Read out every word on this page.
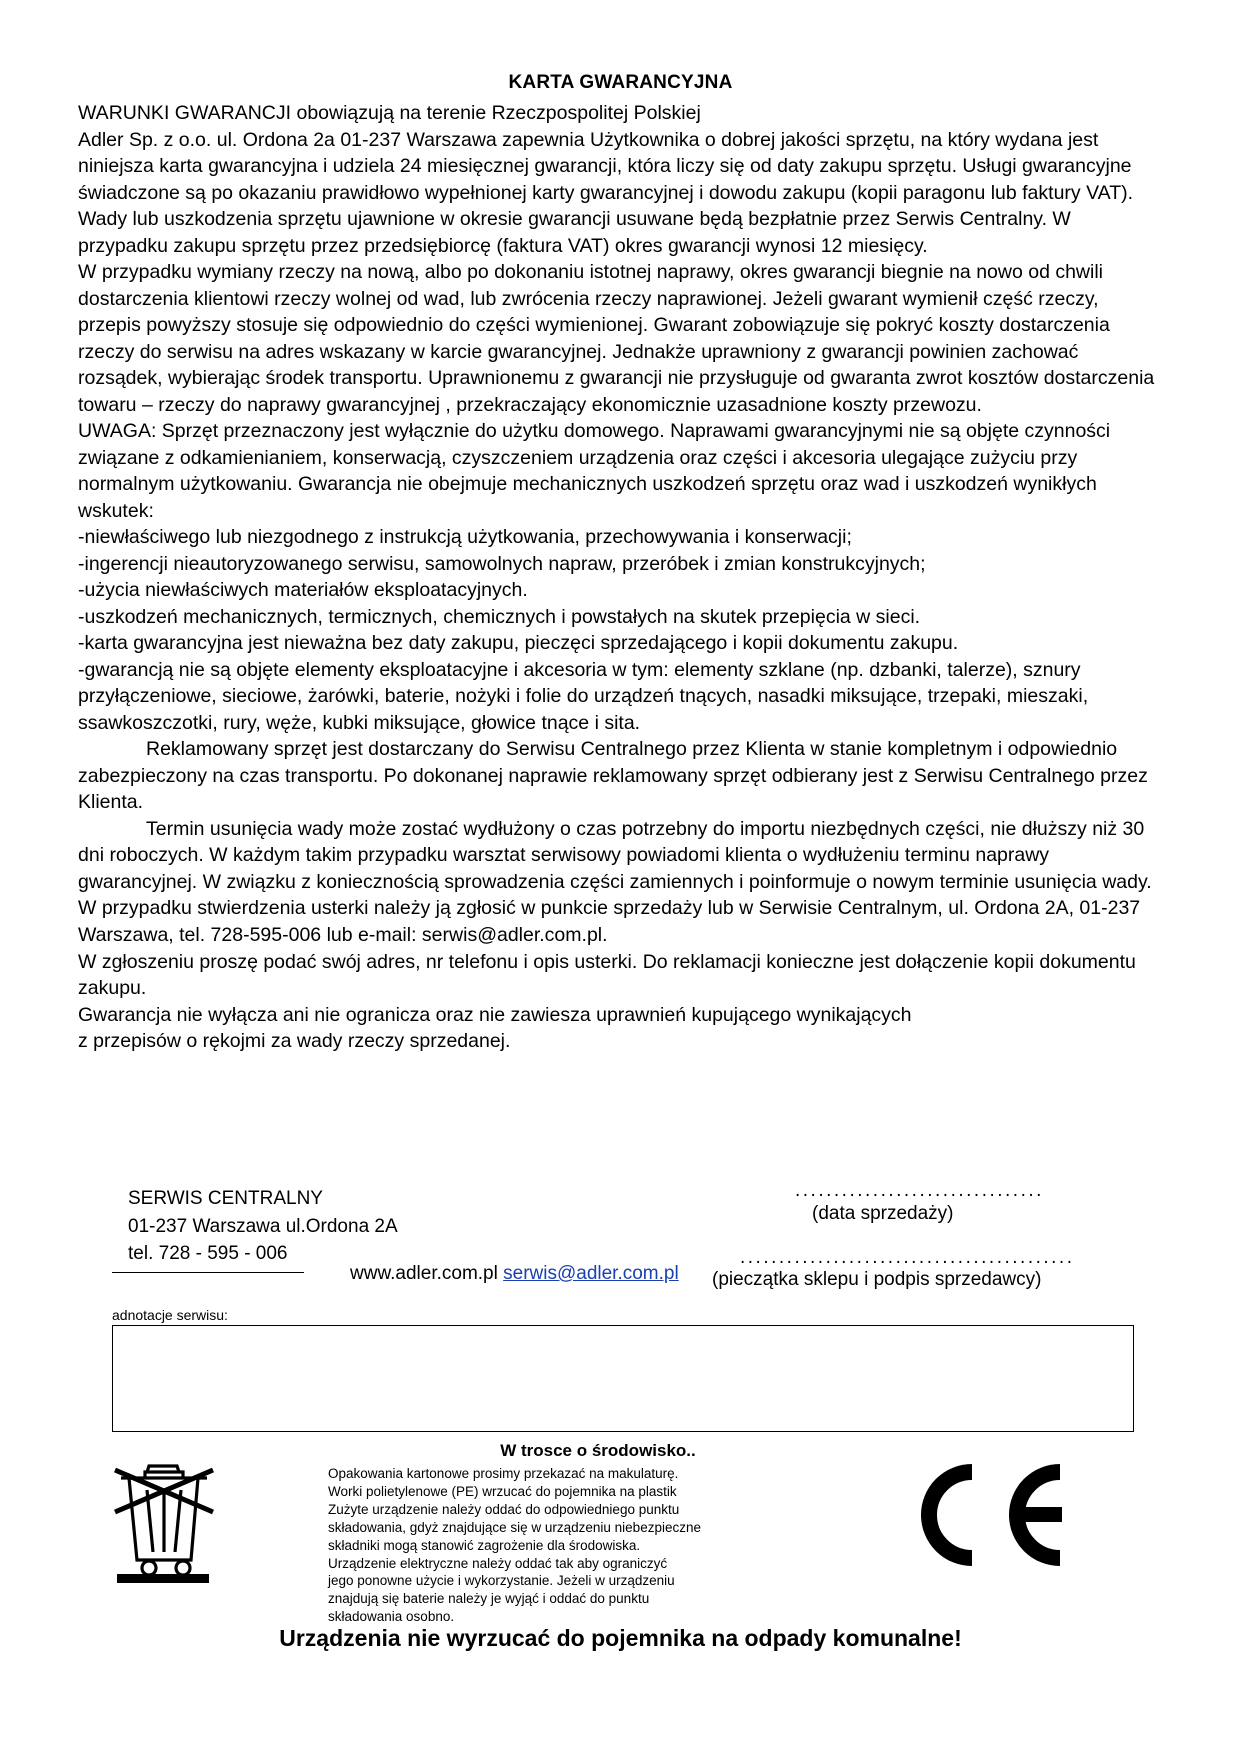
KARTA GWARANCYJNA

WARUNKI GWARANCJI obowiązują na terenie Rzeczpospolitej Polskiej

Adler Sp. z o.o. ul. Ordona 2a 01-237 Warszawa zapewnia Użytkownika o dobrej jakości sprzętu, na który wydana jest niniejsza karta gwarancyjna i udziela 24 miesięcznej gwarancji, która liczy się od daty zakupu sprzętu. Usługi gwarancyjne świadczone są po okazaniu prawidłowo wypełnionej karty gwarancyjnej i dowodu zakupu (kopii paragonu lub faktury VAT). Wady lub uszkodzenia sprzętu ujawnione w okresie gwarancji usuwane będą bezpłatnie przez Serwis Centralny. W przypadku zakupu sprzętu przez przedsiębiorcę (faktura VAT) okres gwarancji wynosi 12 miesięcy.

W przypadku wymiany rzeczy na nową, albo po dokonaniu istotnej naprawy, okres gwarancji biegnie na nowo od chwili dostarczenia klientowi rzeczy wolnej od wad, lub zwrócenia rzeczy naprawionej. Jeżeli gwarant wymienił część rzeczy, przepis powyższy stosuje się odpowiednio do części wymienionej. Gwarant zobowiązuje się pokryć koszty dostarczenia rzeczy do serwisu na adres wskazany w karcie gwarancyjnej. Jednakże uprawniony z gwarancji powinien zachować rozsądek, wybierając środek transportu. Uprawnionemu z gwarancji nie przysługuje od gwaranta zwrot kosztów dostarczenia towaru – rzeczy do naprawy gwarancyjnej , przekraczający ekonomicznie uzasadnione koszty przewozu.

UWAGA: Sprzęt przeznaczony jest wyłącznie do użytku domowego. Naprawami gwarancyjnymi nie są objęte czynności związane z odkamienianiem, konserwacją, czyszczeniem urządzenia oraz części i akcesoria ulegające zużyciu przy normalnym użytkowaniu. Gwarancja nie obejmuje mechanicznych uszkodzeń sprzętu oraz wad i uszkodzeń wynikłych wskutek:

-niewłaściwego lub niezgodnego z instrukcją użytkowania, przechowywania i konserwacji;

-ingerencji nieautoryzowanego serwisu, samowolnych napraw, przeróbek i zmian konstrukcyjnych;

-użycia niewłaściwych materiałów eksploatacyjnych.

-uszkodzeń mechanicznych, termicznych, chemicznych i powstałych na skutek przepięcia w sieci.

-karta gwarancyjna jest nieważna bez daty zakupu, pieczęci sprzedającego i kopii dokumentu zakupu.

-gwarancją nie są objęte elementy eksploatacyjne i akcesoria w tym: elementy szklane (np. dzbanki, talerze), sznury przyłączeniowe, sieciowe, żarówki, baterie, nożyki i folie do urządzeń tnących, nasadki miksujące, trzepaki, mieszaki, ssawkoszczotki, rury, węże, kubki miksujące, głowice tnące i sita.

Reklamowany sprzęt jest dostarczany do Serwisu Centralnego przez Klienta w stanie kompletnym i odpowiednio zabezpieczony na czas transportu. Po dokonanej naprawie reklamowany sprzęt odbierany jest z Serwisu Centralnego przez Klienta.

Termin usunięcia wady może zostać wydłużony o czas potrzebny do importu niezbędnych części, nie dłuższy niż 30 dni roboczych. W każdym takim przypadku warsztat serwisowy powiadomi klienta o wydłużeniu terminu naprawy gwarancyjnej. W związku z koniecznością sprowadzenia części zamiennych i poinformuje o nowym terminie usunięcia wady.

W przypadku stwierdzenia usterki należy ją zgłosić w punkcie sprzedaży lub w Serwisie Centralnym, ul. Ordona 2A, 01-237 Warszawa, tel. 728-595-006 lub e-mail: serwis@adler.com.pl.

W zgłoszeniu proszę podać swój adres, nr telefonu i opis usterki. Do reklamacji konieczne jest dołączenie kopii dokumentu zakupu.

Gwarancja nie wyłącza ani nie ogranicza oraz nie zawiesza uprawnień kupującego wynikających

z przepisów o rękojmi za wady rzeczy sprzedanej.

SERWIS CENTRALNY
01-237 Warszawa ul.Ordona 2A
tel. 728 - 595 - 006
................................
(data sprzedaży)
www.adler.com.pl serwis@adler.com.pl
...........................................
(pieczątka sklepu i podpis sprzedawcy)
adnotacje serwisu:
W trosce o środowisko..

Opakowania kartonowe prosimy przekazać na makulaturę.

Worki polietylenowe (PE) wrzucać do pojemnika na plastik

Zużyte urządzenie należy oddać do odpowiedniego punktu

składowania, gdyż znajdujące się w urządzeniu niebezpieczne

składniki mogą stanowić zagrożenie dla środowiska.

Urządzenie elektryczne należy oddać tak aby ograniczyć

jego ponowne użycie i wykorzystanie. Jeżeli w urządzeniu

znajdują się baterie należy je wyjąć i oddać do punktu

składowania osobno.

Urządzenia nie wyrzucać do pojemnika na odpady komunalne!
